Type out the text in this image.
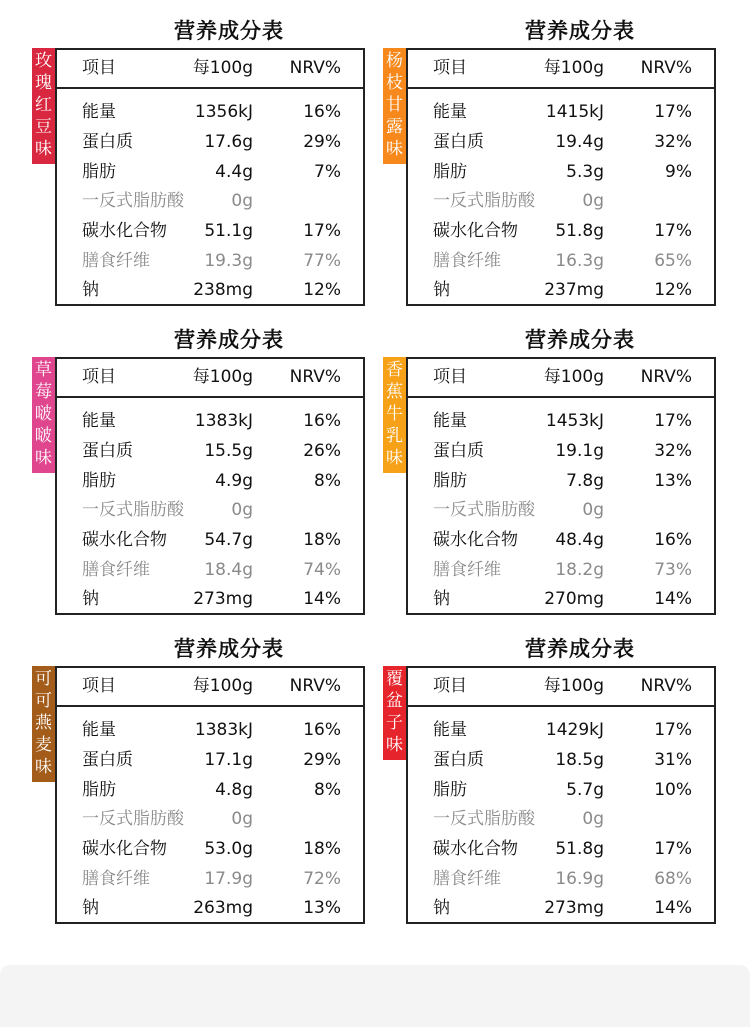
营养成分表
玫
瑰
红
豆
味
项目	每100g NRV%
能量	1356kJ	16%
蛋白质	17.6g	29%
脂肪	4.4g	7%
一反式脂肪酸	0g
碳水化合物 51.1g	17%
膳食纤维	19.3g	77%
钠	238mg	12%
营养成分表
杨
枝
甘
露
味
项目	每100g NRV%
能量	1415kJ	17%
蛋白质	19.4g	32%
脂肪	5.3g	9%
一反式脂肪酸	0g
碳水化合物 51.8g	17%
膳食纤维	16.3g	65%
钠	237mg	12%
营养成分表
草
莓
啵
啵
味
项目	每100g NRV%
能量	1383kJ	16%
蛋白质	15.5g	26%
脂肪	4.9g	8%
一反式脂肪酸	0g
碳水化合物 54.7g	18%
膳食纤维	18.4g	74%
钠	273mg	14%
营养成分表
香
蕉
牛
乳
味
项目	每100g NRV%
能量	1453kJ	17%
蛋白质	19.1g	32%
脂肪	7.8g	13%
一反式脂肪酸	0g
碳水化合物 48.4g	16%
膳食纤维	18.2g	73%
钠	270mg	14%
营养成分表
可
可
燕
麦
味
项目	每100g NRV%
能量	1383kJ	16%
蛋白质	17.1g	29%
脂肪	4.8g	8%
一反式脂肪酸	0g
碳水化合物 53.0g	18%
膳食纤维	17.9g	72%
钠	263mg	13%
营养成分表
覆
盆
子
味
项目	每100g NRV%
能量	1429kJ	17%
蛋白质	18.5g	31%
脂肪	5.7g	10%
一反式脂肪酸	0g
碳水化合物 51.8g	17%
膳食纤维	16.9g	68%
钠	273mg	14%
